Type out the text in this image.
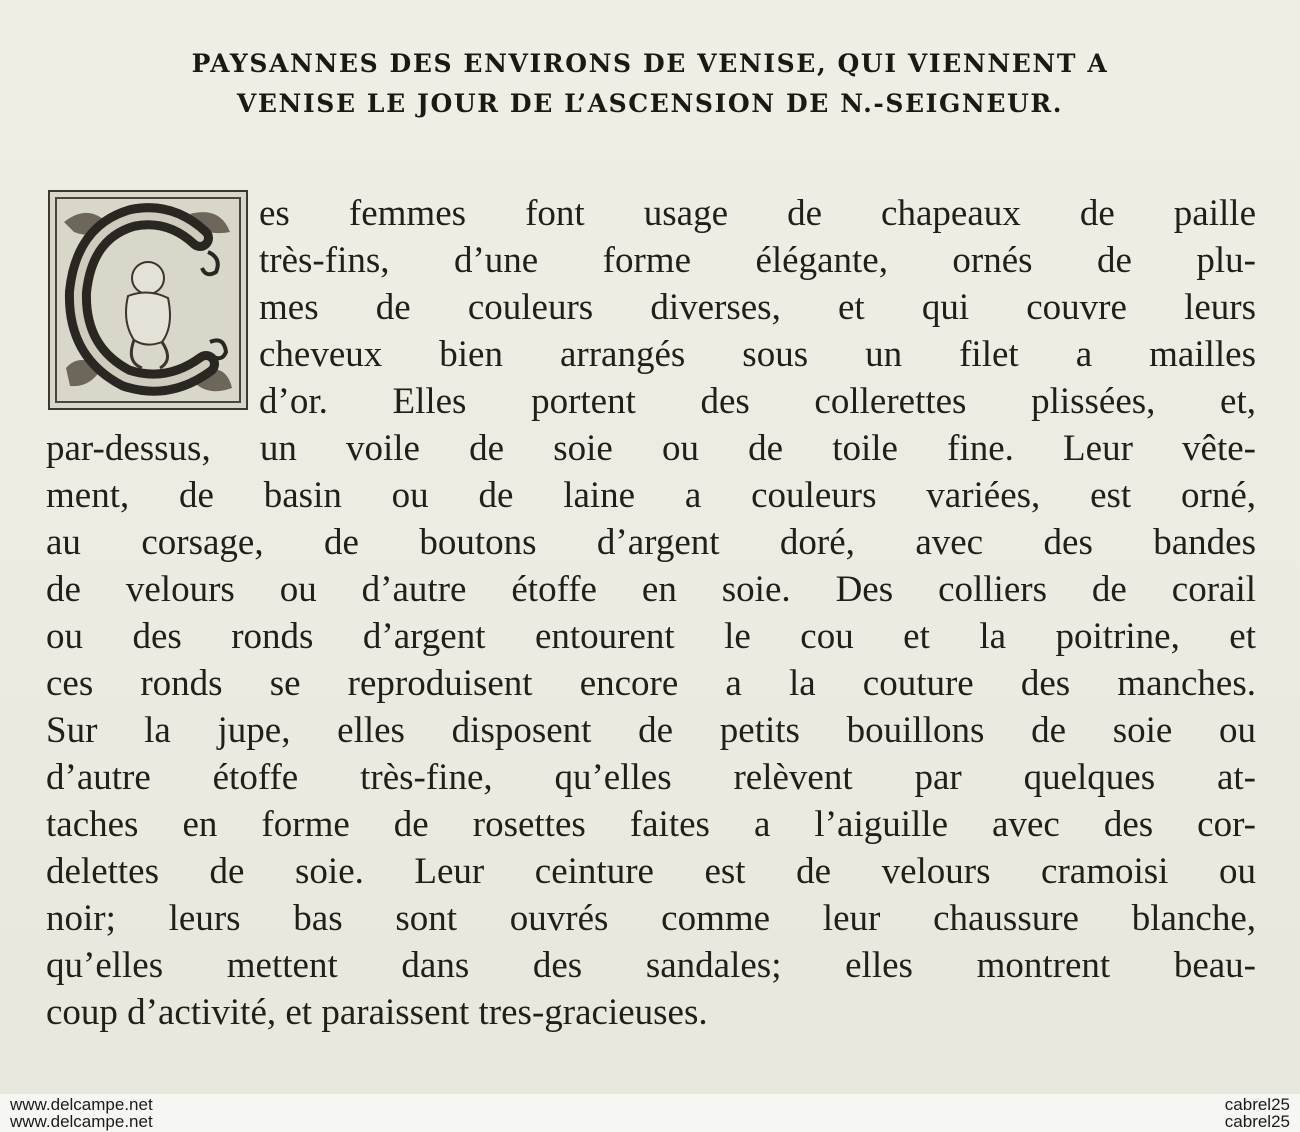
PAYSANNES DES ENVIRONS DE VENISE, QUI VIENNENT A
VENISE LE JOUR DE L’ASCENSION DE N.-SEIGNEUR.
es femmes font usage de chapeaux de paille
très-fins, d’une forme élégante, ornés de plu-
mes de couleurs diverses, et qui couvre leurs
cheveux bien arrangés sous un filet a mailles
d’or. Elles portent des collerettes plissées, et,
par-dessus, un voile de soie ou de toile fine. Leur vête-
ment, de basin ou de laine a couleurs variées, est orné,
au corsage, de boutons d’argent doré, avec des bandes
de velours ou d’autre étoffe en soie. Des colliers de corail
ou des ronds d’argent entourent le cou et la poitrine, et
ces ronds se reproduisent encore a la couture des manches.
Sur la jupe, elles disposent de petits bouillons de soie ou
d’autre étoffe très-fine, qu’elles relèvent par quelques at-
taches en forme de rosettes faites a l’aiguille avec des cor-
delettes de soie. Leur ceinture est de velours cramoisi ou
noir; leurs bas sont ouvrés comme leur chaussure blanche,
qu’elles mettent dans des sandales; elles montrent beau-
coup d’activité, et paraissent tres-gracieuses.
www.delcampe.net
www.delcampe.net
cabrel25
cabrel25
